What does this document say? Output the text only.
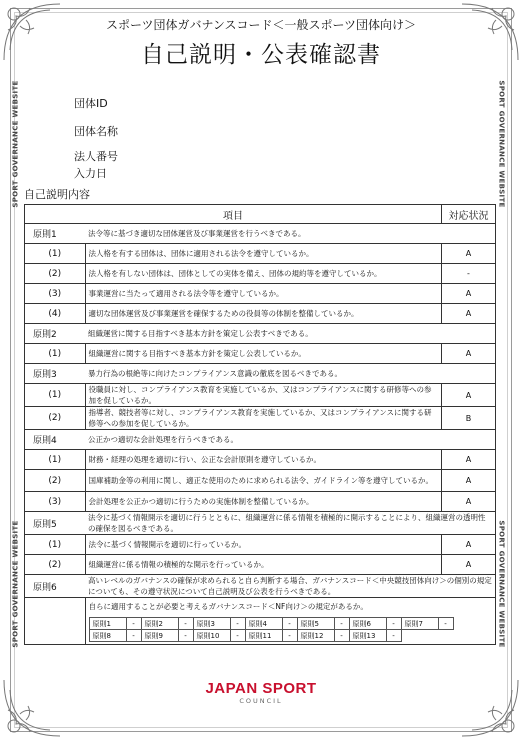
SPORT GOVERNANCE WEBSITE
SPORT GOVERNANCE WEBSITE
SPORT GOVERNANCE WEBSITE
SPORT GOVERNANCE WEBSITE
スポーツ団体ガバナンスコード＜一般スポーツ団体向け＞
自己説明・公表確認書
団体ID
団体名称
法人番号
入力日
自己説明内容
項目	対応状況
原則1	法令等に基づき適切な団体運営及び事業運営を行うべきである。
(1)	法人格を有する団体は、団体に適用される法令を遵守しているか。	A
(2)	法人格を有しない団体は、団体としての実体を備え、団体の規約等を遵守しているか。	-
(3)	事業運営に当たって適用される法令等を遵守しているか。	A
(4)	適切な団体運営及び事業運営を確保するための役員等の体制を整備しているか。	A
原則2	組織運営に関する目指すべき基本方針を策定し公表すべきである。
(1)	組織運営に関する目指すべき基本方針を策定し公表しているか。	A
原則3	暴力行為の根絶等に向けたコンプライアンス意識の徹底を図るべきである。
(1)	役職員に対し、コンプライアンス教育を実施しているか、又はコンプライアンスに関する研修等への参加を促しているか。	A
(2)	指導者、競技者等に対し、コンプライアンス教育を実施しているか、又はコンプライアンスに関する研修等への参加を促しているか。	B
原則4	公正かつ適切な会計処理を行うべきである。
(1)	財務・経理の処理を適切に行い、公正な会計原則を遵守しているか。	A
(2)	国庫補助金等の利用に関し、適正な使用のために求められる法令、ガイドライン等を遵守しているか。	A
(3)	会計処理を公正かつ適切に行うための実施体制を整備しているか。	A
原則5	法令に基づく情報開示を適切に行うとともに、組織運営に係る情報を積極的に開示することにより、組織運営の透明性の確保を図るべきである。
(1)	法令に基づく情報開示を適切に行っているか。	A
(2)	組織運営に係る情報の積極的な開示を行っているか。	A
原則6	高いレベルのガバナンスの確保が求められると自ら判断する場合、ガバナンスコード＜中央競技団体向け＞の個別の規定についても、その遵守状況について自己説明及び公表を行うべきである。

自らに適用することが必要と考えるガバナンスコード＜NF向け＞の規定があるか。
原則1	-	原則2	-	原則3	-	原則4	-	原則5	-	原則6	-	原則7	-
原則8	-	原則9	-	原則10	-	原則11	-	原則12	-	原則13	-
JAPAN SPORT
COUNCIL
